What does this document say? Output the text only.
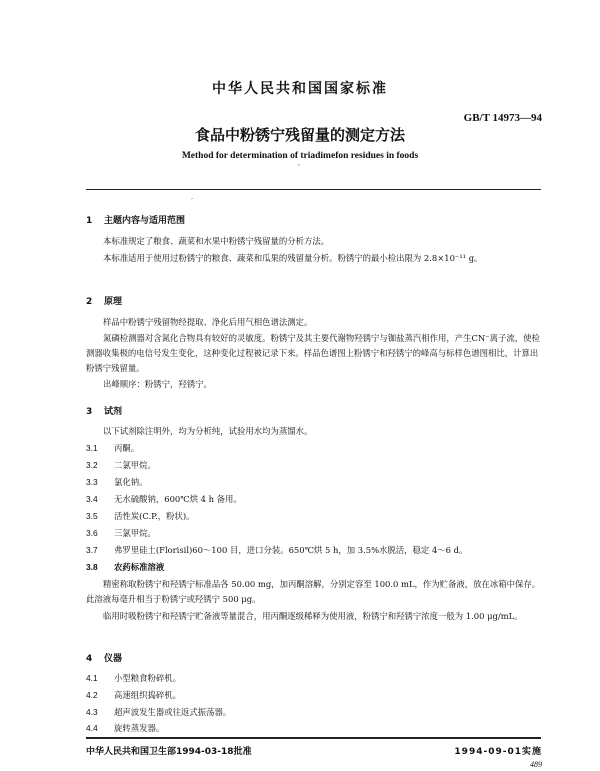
中华人民共和国国家标准
GB/T 14973—94
食品中粉锈宁残留量的测定方法
Method for determination of triadimefon residues in foods
ˇ
ˊ
1 主题内容与适用范围
本标准规定了粮食、蔬菜和水果中粉锈宁残留量的分析方法。
本标准适用于使用过粉锈宁的粮食、蔬菜和瓜果的残留量分析。粉锈宁的最小检出限为 2.8×10⁻¹¹ g。
2 原理
样品中粉锈宁残留物经提取、净化后用气相色谱法测定。
氮磷检测器对含氮化合物具有较好的灵敏度。粉锈宁及其主要代谢物羟锈宁与铷盐蒸汽相作用，产生CN⁻离子流，使检测器收集极的电信号发生变化，这种变化过程被记录下来。样品色谱图上粉锈宁和羟锈宁的峰高与标样色谱图相比，计算出粉锈宁残留量。
出峰顺序：粉锈宁，羟锈宁。
3 试剂
以下试剂除注明外，均为分析纯，试验用水均为蒸馏水。
3.1 丙酮。
3.2 二氯甲烷。
3.3 氯化钠。
3.4 无水硫酸钠，600℃烘 4 h 备用。
3.5 活性炭(C.P.，粉状)。
3.6 三氯甲烷。
3.7 弗罗里硅土(Florisil)60～100 目，进口分装。650℃烘 5 h，加 3.5%水脱活，稳定 4～6 d。
3.8 农药标准溶液
精密称取粉锈宁和羟锈宁标准品各 50.00 mg，加丙酮溶解，分别定容至 100.0 mL，作为贮备液，放在冰箱中保存。此溶液每毫升相当于粉锈宁或羟锈宁 500 μg。
临用时吸粉锈宁和羟锈宁贮备液等量混合，用丙酮逐级稀释为使用液，粉锈宁和羟锈宁浓度一般为 1.00 μg/mL。
4 仪器
4.1 小型粮食粉碎机。
4.2 高速组织捣碎机。
4.3 超声波发生器或往返式振荡器。
4.4 旋转蒸发器。
中华人民共和国卫生部1994-03-18批准	1994-09-01实施
489
